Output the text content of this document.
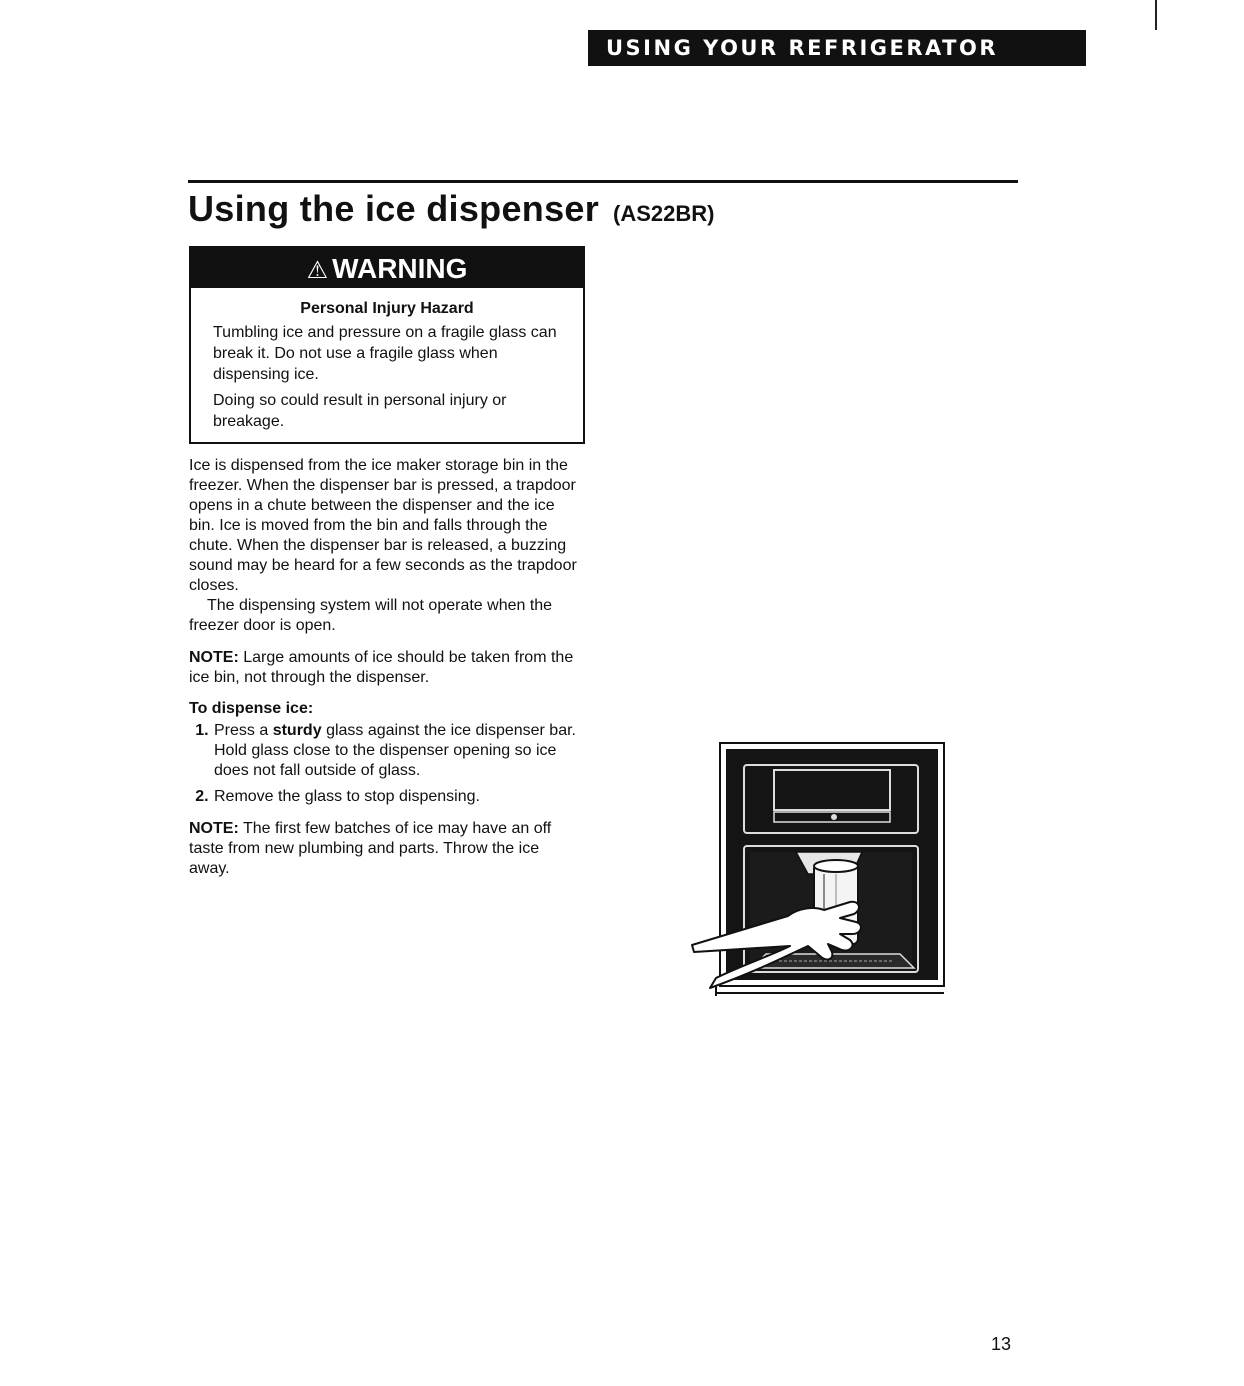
USING YOUR REFRIGERATOR
Using the ice dispenser (AS22BR)
⚠ WARNING
Personal Injury Hazard

Tumbling ice and pressure on a fragile glass can break it. Do not use a fragile glass when dispensing ice.

Doing so could result in personal injury or breakage.

Ice is dispensed from the ice maker storage bin in the freezer. When the dispenser bar is pressed, a trapdoor opens in a chute between the dispenser and the ice bin. Ice is moved from the bin and falls through the chute. When the dispenser bar is released, a buzzing sound may be heard for a few seconds as the trapdoor closes.

The dispensing system will not operate when the freezer door is open.

NOTE: Large amounts of ice should be taken from the ice bin, not through the dispenser.

To dispense ice:

1. Press a sturdy glass against the ice dispenser bar. Hold glass close to the dispenser opening so ice does not fall outside of glass.
2. Remove the glass to stop dispensing.

NOTE: The first few batches of ice may have an off taste from new plumbing and parts. Throw the ice away.

13
